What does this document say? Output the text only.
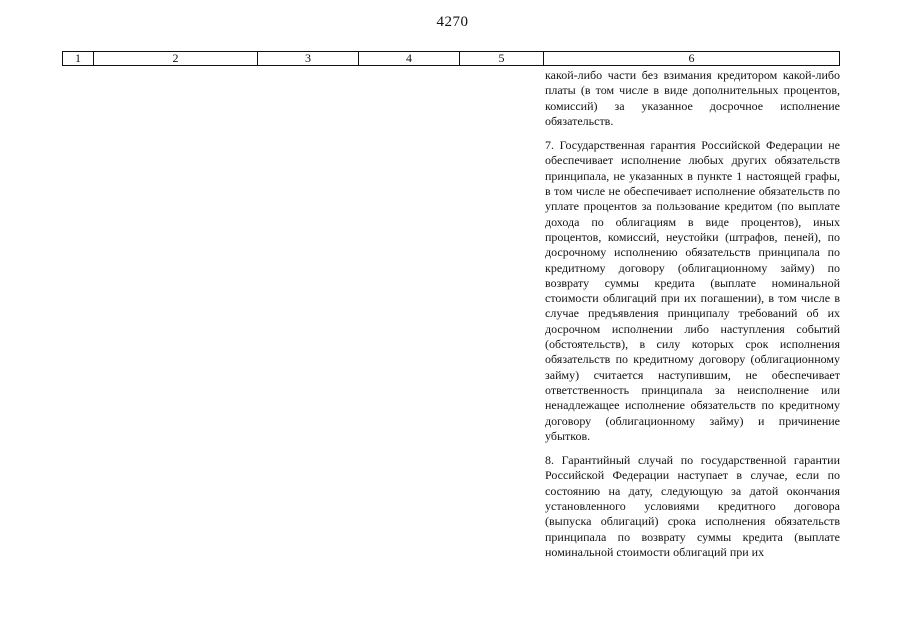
4270
1	2	3	4	5	6

какой-либо части без взимания кредитором какой-либо платы (в том числе в виде дополнительных процентов, комиссий) за указанное досрочное исполнение обязательств.

7. Государственная гарантия Российской Федерации не обеспечивает исполнение любых других обязательств принципала, не указанных в пункте 1 настоящей графы, в том числе не обеспечивает исполнение обязательств по уплате процентов за пользование кредитом (по выплате дохода по облигациям в виде процентов), иных процентов, комиссий, неустойки (штрафов, пеней), по досрочному исполнению обязательств принципала по кредитному договору (облигационному займу) по возврату суммы кредита (выплате номинальной стоимости облигаций при их погашении), в том числе в случае предъявления принципалу требований об их досрочном исполнении либо наступления событий (обстоятельств), в силу которых срок исполнения обязательств по кредитному договору (облигационному займу) считается наступившим, не обеспечивает ответственность принципала за неисполнение или ненадлежащее исполнение обязательств по кредитному договору (облигационному займу) и причинение убытков.

8. Гарантийный случай по государственной гарантии Российской Федерации наступает в случае, если по состоянию на дату, следующую за датой окончания установленного условиями кредитного договора (выпуска облигаций) срока исполнения обязательств принципала по возврату суммы кредита (выплате номинальной стоимости облигаций при их
